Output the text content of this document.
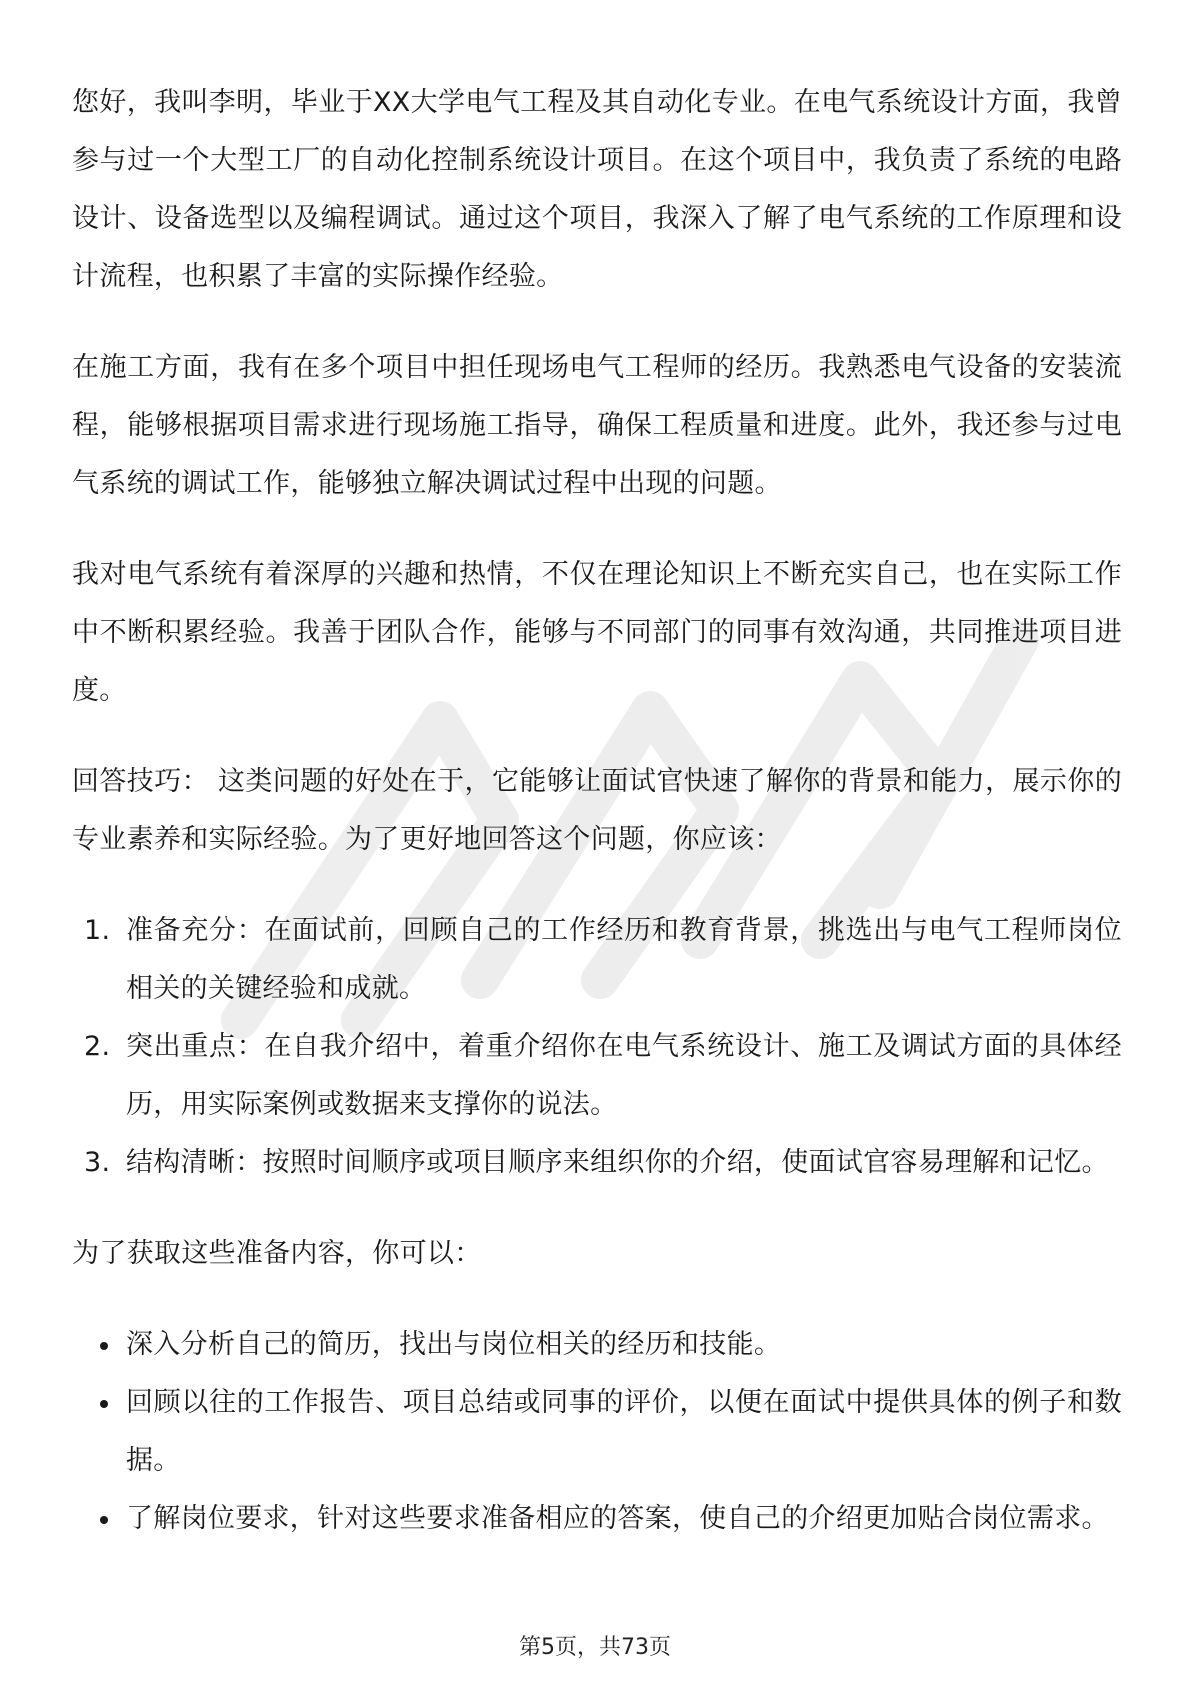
您好，我叫李明，毕业于XX大学电气工程及其自动化专业。在电气系统设计方面，我曾参与过一个大型工厂的自动化控制系统设计项目。在这个项目中，我负责了系统的电路设计、设备选型以及编程调试。通过这个项目，我深入了解了电气系统的工作原理和设计流程，也积累了丰富的实际操作经验。

在施工方面，我有在多个项目中担任现场电气工程师的经历。我熟悉电气设备的安装流程，能够根据项目需求进行现场施工指导，确保工程质量和进度。此外，我还参与过电气系统的调试工作，能够独立解决调试过程中出现的问题。

我对电气系统有着深厚的兴趣和热情，不仅在理论知识上不断充实自己，也在实际工作中不断积累经验。我善于团队合作，能够与不同部门的同事有效沟通，共同推进项目进度。

回答技巧： 这类问题的好处在于，它能够让面试官快速了解你的背景和能力，展示你的专业素养和实际经验。为了更好地回答这个问题，你应该：

1. 准备充分：在面试前，回顾自己的工作经历和教育背景，挑选出与电气工程师岗位相关的关键经验和成就。
2. 突出重点：在自我介绍中，着重介绍你在电气系统设计、施工及调试方面的具体经历，用实际案例或数据来支撑你的说法。
3. 结构清晰：按照时间顺序或项目顺序来组织你的介绍，使面试官容易理解和记忆。

为了获取这些准备内容，你可以：

深入分析自己的简历，找出与岗位相关的经历和技能。
回顾以往的工作报告、项目总结或同事的评价，以便在面试中提供具体的例子和数据。
了解岗位要求，针对这些要求准备相应的答案，使自己的介绍更加贴合岗位需求。
第5页，共73页
